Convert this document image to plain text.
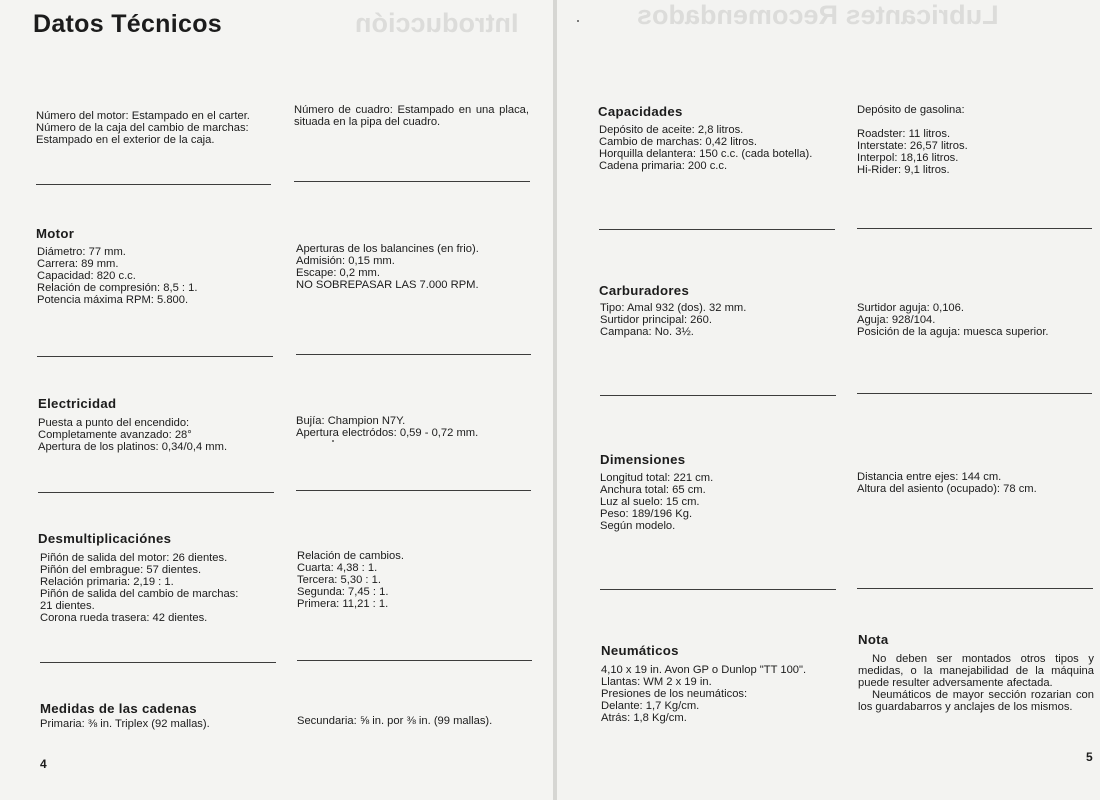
Introducción
Datos Técnicos
Número del motor: Estampado en el carter.
Número de la caja del cambio de marchas:
Estampado en el exterior de la caja.
Número de cuadro: Estampado en una placa, situada en la pipa del cuadro.
Motor
Diámetro: 77 mm.
Carrera: 89 mm.
Capacidad: 820 c.c.
Relación de compresión: 8,5 : 1.
Potencia máxima RPM: 5.800.
Aperturas de los balancines (en frio).
Admisión: 0,15 mm.
Escape: 0,2 mm.
NO SOBREPASAR LAS 7.000 RPM.
Electricidad
Puesta a punto del encendido:
Completamente avanzado: 28°
Apertura de los platinos: 0,34/0,4 mm.
Bujía: Champion N7Y.
Apertura electródos: 0,59 - 0,72 mm.
Desmultiplicaciónes
Piñón de salida del motor: 26 dientes.
Piñón del embrague: 57 dientes.
Relación primaria: 2,19 : 1.
Piñón de salida del cambio de marchas:
21 dientes.
Corona rueda trasera: 42 dientes.
Relación de cambios.
Cuarta: 4,38 : 1.
Tercera: 5,30 : 1.
Segunda: 7,45 : 1.
Primera: 11,21 : 1.
Medidas de las cadenas
Primaria: ⅜ in. Triplex (92 mallas).	Secundaria: ⅝ in. por ⅜ in. (99 mallas).
4
Lubricantes Recomendados
Capacidades
Depósito de aceite: 2,8 litros.
Cambio de marchas: 0,42 litros.
Horquilla delantera: 150 c.c. (cada botella).
Cadena primaria: 200 c.c.
Depósito de gasolina:

Roadster: 11 litros.
Interstate: 26,57 litros.
Interpol: 18,16 litros.
Hi-Rider: 9,1 litros.
Carburadores
Tipo: Amal 932 (dos). 32 mm.
Surtidor principal: 260.
Campana: No. 3½.
Surtidor aguja: 0,106.
Aguja: 928/104.
Posición de la aguja: muesca superior.
Dimensiones
Longitud total: 221 cm.
Anchura total: 65 cm.
Luz al suelo: 15 cm.
Peso: 189/196 Kg.
Según modelo.
Distancia entre ejes: 144 cm.
Altura del asiento (ocupado): 78 cm.
Neumáticos
4,10 x 19 in. Avon GP o Dunlop "TT 100".
Llantas: WM 2 x 19 in.
Presiones de los neumáticos:
Delante: 1,7 Kg/cm.
Atrás: 1,8 Kg/cm.
Nota
No deben ser montados otros tipos y medidas, o la manejabilidad de la máquina puede resulter adversamente afectada.
Neumáticos de mayor sección rozarian con los guardabarros y anclajes de los mismos.
5
